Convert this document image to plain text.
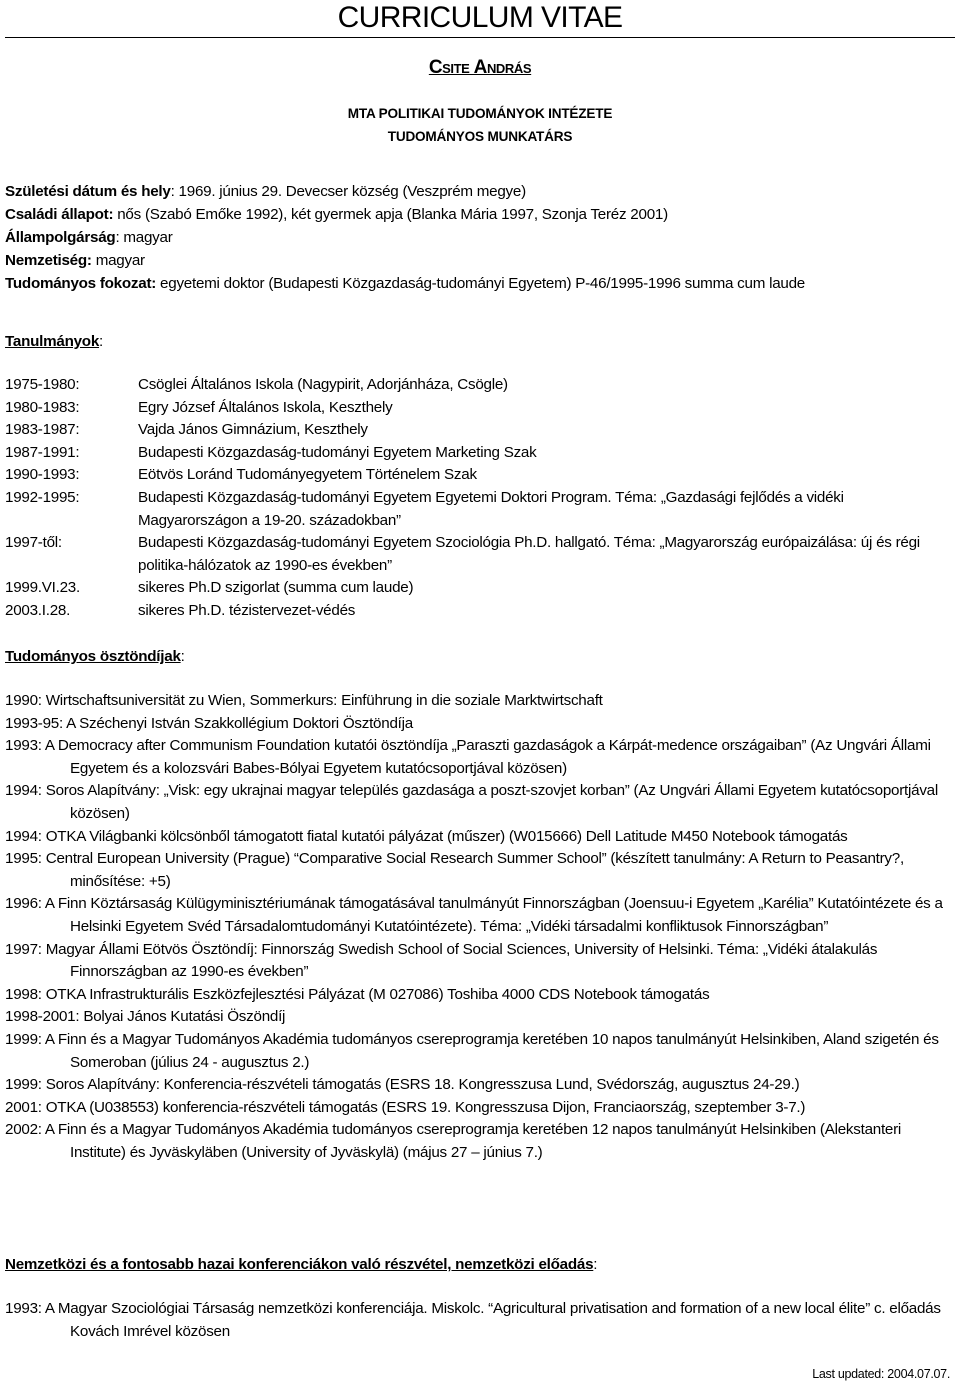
CURRICULUM VITAE
Csite András
MTA POLITIKAI TUDOMÁNYOK INTÉZETE
TUDOMÁNYOS MUNKATÁRS
Születési dátum és hely: 1969. június 29. Devecser község (Veszprém megye)
Családi állapot: nős (Szabó Emőke 1992), két gyermek apja (Blanka Mária 1997, Szonja Teréz 2001)
Állampolgárság: magyar
Nemzetiség: magyar
Tudományos fokozat: egyetemi doktor (Budapesti Közgazdaság-tudományi Egyetem) P-46/1995-1996 summa cum laude
Tanulmányok:
1975-1980:	Csöglei Általános Iskola (Nagypirit, Adorjánháza, Csögle)
1980-1983:	Egry József Általános Iskola, Keszthely
1983-1987:	Vajda János Gimnázium, Keszthely
1987-1991:	Budapesti Közgazdaság-tudományi Egyetem Marketing Szak
1990-1993:	Eötvös Loránd Tudományegyetem Történelem Szak
1992-1995:	Budapesti Közgazdaság-tudományi Egyetem Egyetemi Doktori Program. Téma: „Gazdasági fejlődés a vidéki Magyarországon a 19-20. századokban”
1997-től:	Budapesti Közgazdaság-tudományi Egyetem Szociológia Ph.D. hallgató. Téma: „Magyarország európaizálása: új és régi politika-hálózatok az 1990-es években”
1999.VI.23.	sikeres Ph.D szigorlat (summa cum laude)
2003.I.28.	sikeres Ph.D. tézistervezet-védés
Tudományos ösztöndíjak:
1990: Wirtschaftsuniversität zu Wien, Sommerkurs: Einführung in die soziale Marktwirtschaft
1993-95: A Széchenyi István Szakkollégium Doktori Ösztöndíja
1993: A Democracy after Communism Foundation kutatói ösztöndíja „Paraszti gazdaságok a Kárpát-medence országaiban” (Az Ungvári Állami Egyetem és a kolozsvári Babes-Bólyai Egyetem kutatócsoportjával közösen)
1994: Soros Alapítvány: „Visk: egy ukrajnai magyar település gazdasága a poszt-szovjet korban” (Az Ungvári Állami Egyetem kutatócsoportjával közösen)
1994: OTKA Világbanki kölcsönből támogatott fiatal kutatói pályázat (műszer) (W015666) Dell Latitude M450 Notebook támogatás
1995: Central European University (Prague) “Comparative Social Research Summer School” (készített tanulmány: A Return to Peasantry?, minősítése: +5)
1996: A Finn Köztársaság Külügyminisztériumának támogatásával tanulmányút Finnországban (Joensuu-i Egyetem „Karélia” Kutatóintézete és a Helsinki Egyetem Svéd Társadalomtudományi Kutatóintézete). Téma: „Vidéki társadalmi konfliktusok Finnországban”
1997: Magyar Állami Eötvös Ösztöndíj: Finnország Swedish School of Social Sciences, University of Helsinki. Téma: „Vidéki átalakulás Finnországban az 1990-es években”
1998: OTKA Infrastrukturális Eszközfejlesztési Pályázat (M 027086) Toshiba 4000 CDS Notebook támogatás
1998-2001: Bolyai János Kutatási Öszöndíj
1999: A Finn és a Magyar Tudományos Akadémia tudományos csereprogramja keretében 10 napos tanulmányút Helsinkiben, Aland szigetén és Someroban (július 24 - augusztus 2.)
1999: Soros Alapítvány: Konferencia-részvételi támogatás (ESRS 18. Kongresszusa Lund, Svédország, augusztus 24-29.)
2001: OTKA (U038553) konferencia-részvételi támogatás (ESRS 19. Kongresszusa Dijon, Franciaország, szeptember 3-7.)
2002: A Finn és a Magyar Tudományos Akadémia tudományos csereprogramja keretében 12 napos tanulmányút Helsinkiben (Alekstanteri Institute) és Jyväskyläben (University of Jyväskylä) (május 27 – június 7.)
Nemzetközi és a fontosabb hazai konferenciákon való részvétel, nemzetközi előadás:
1993: A Magyar Szociológiai Társaság nemzetközi konferenciája. Miskolc. “Agricultural privatisation and formation of a new local élite” c. előadás Kovách Imrével közösen
Last updated: 2004.07.07.
